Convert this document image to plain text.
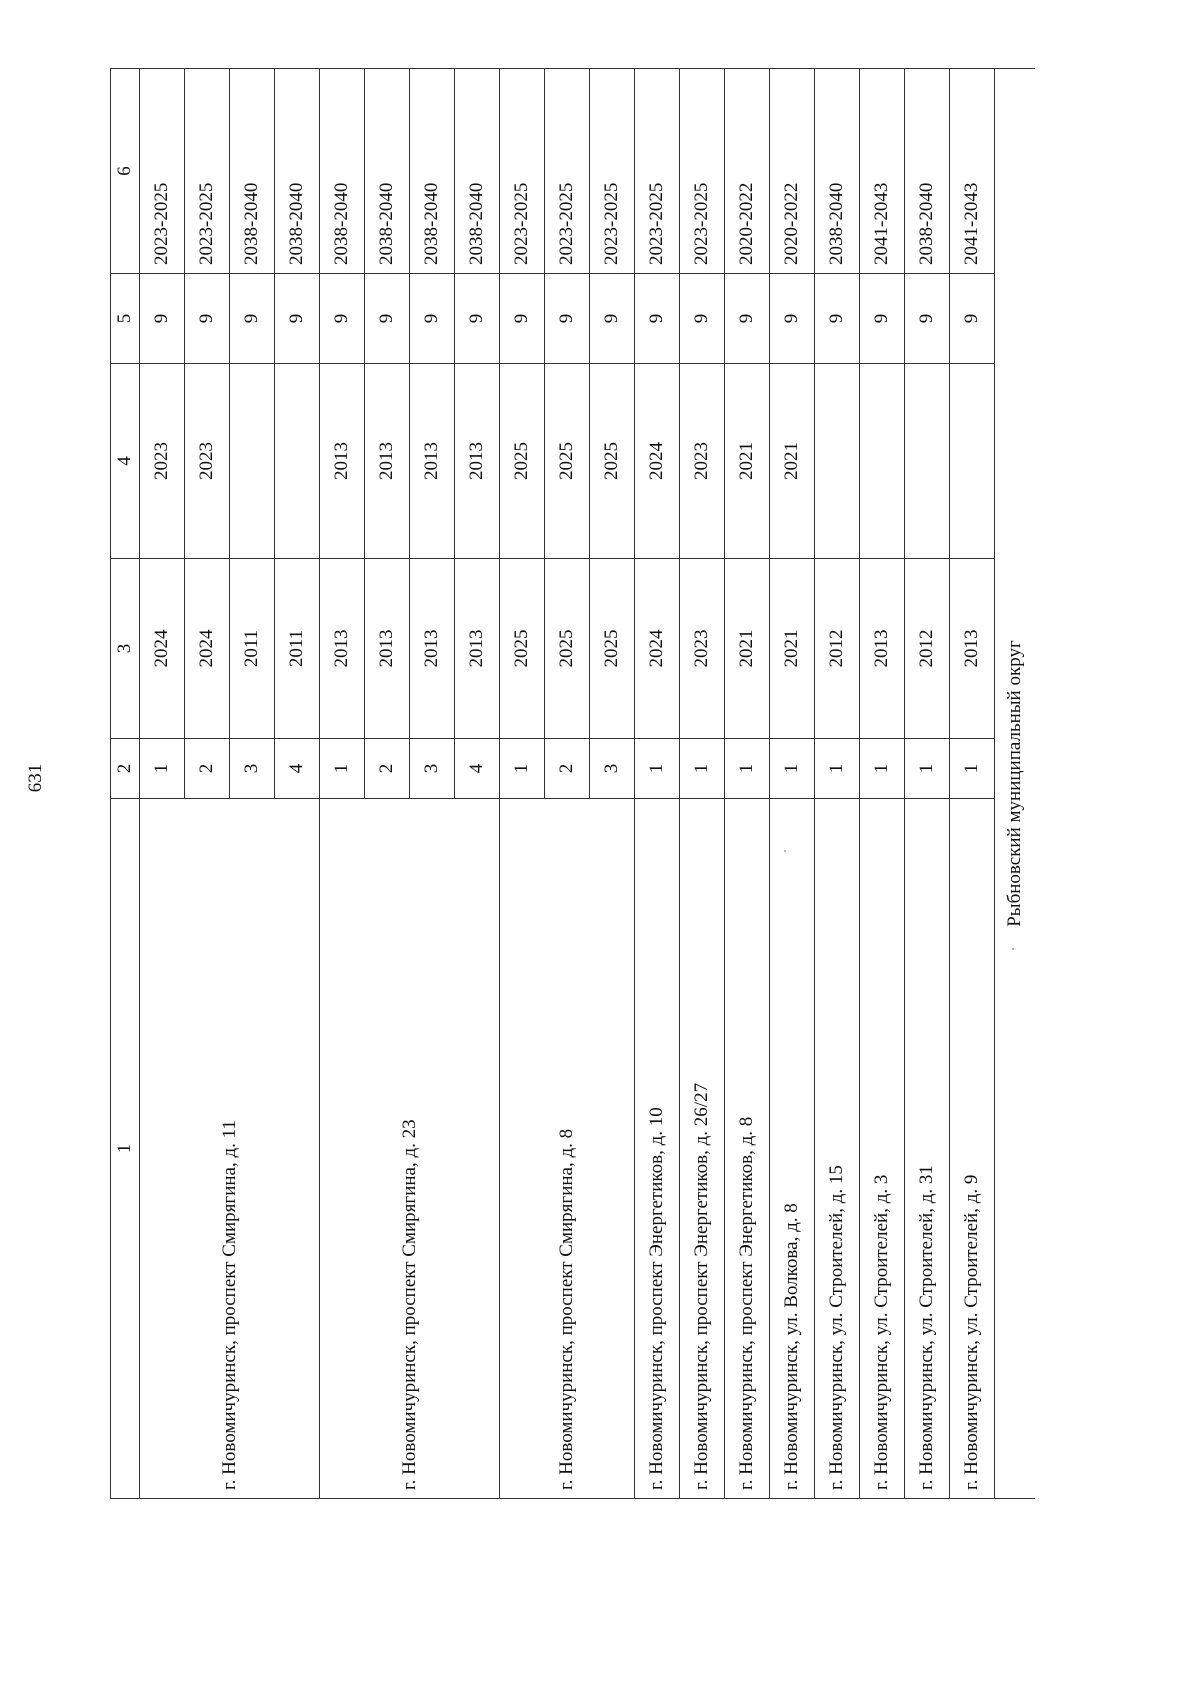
631
1	2	3	4	5	6
г. Новомичуринск, проспект Смирягина, д. 11	1	2024	2023	9	2023-2025
	2	2024	2023	9	2023-2025
	3	2011		9	2038-2040
	4	2011		9	2038-2040
г. Новомичуринск, проспект Смирягина, д. 23	1	2013	2013	9	2038-2040
	2	2013	2013	9	2038-2040
	3	2013	2013	9	2038-2040
	4	2013	2013	9	2038-2040
г. Новомичуринск, проспект Смирягина, д. 8	1	2025	2025	9	2023-2025
	2	2025	2025	9	2023-2025
	3	2025	2025	9	2023-2025
г. Новомичуринск, проспект Энергетиков, д. 10	1	2024	2024	9	2023-2025
г. Новомичуринск, проспект Энергетиков, д. 26/27	1	2023	2023	9	2023-2025
г. Новомичуринск, проспект Энергетиков, д. 8	1	2021	2021	9	2020-2022
г. Новомичуринск, ул. Волкова, д. 8	1	2021	2021	9	2020-2022
г. Новомичуринск, ул. Строителей, д. 15	1	2012		9	2038-2040
г. Новомичуринск, ул. Строителей, д. 3	1	2013		9	2041-2043
г. Новомичуринск, ул. Строителей, д. 31	1	2012		9	2038-2040
г. Новомичуринск, ул. Строителей, д. 9	1	2013		9	2041-2043
Рыбновский муниципальный округ					
